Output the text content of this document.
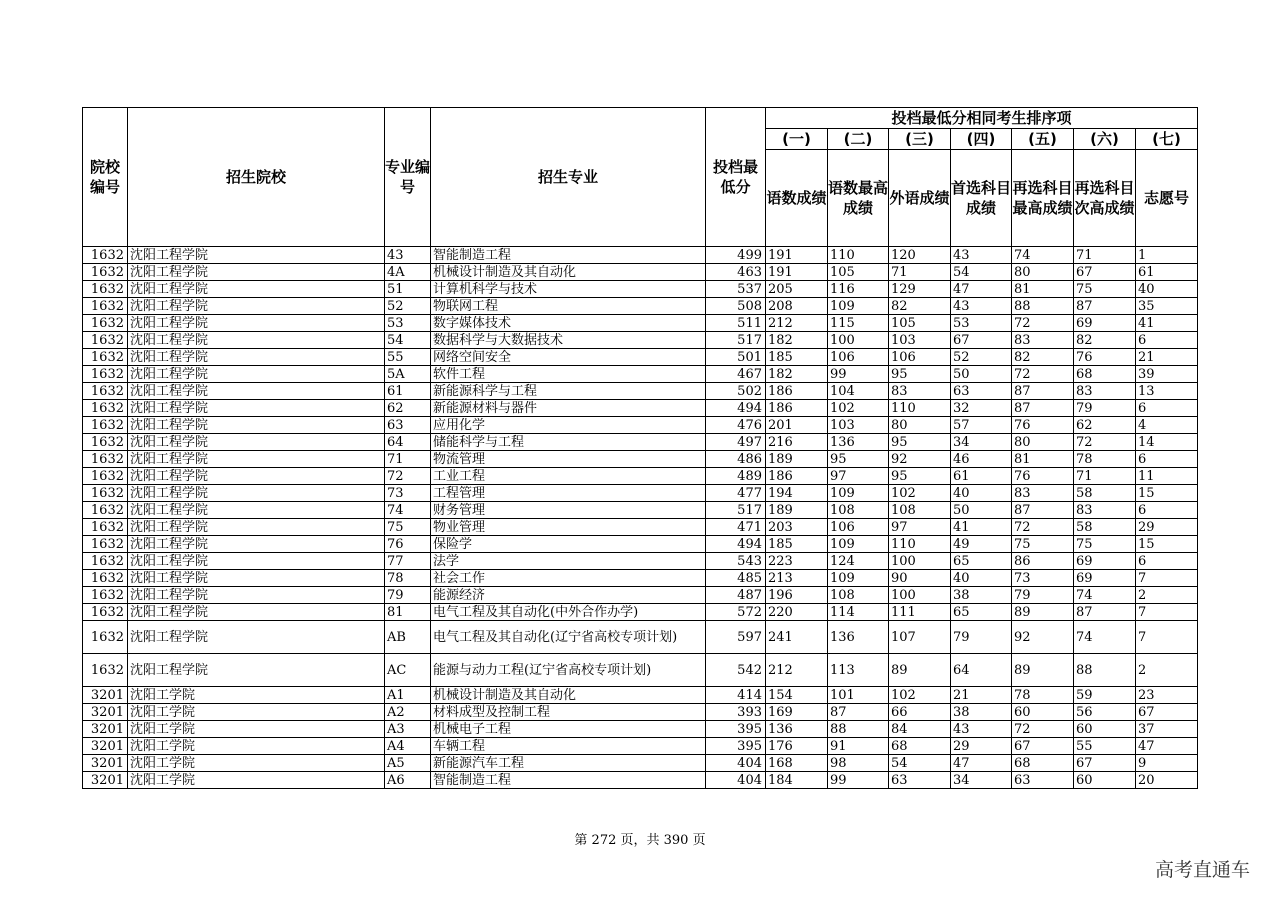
院校编号	招生院校	专业编号	招生专业	投档最低分	投档最低分相同考生排序项						
					(一)	(二)	(三)	(四)	(五)	(六)	(七)
					语数成绩	语数最高成绩	外语成绩	首选科目成绩	再选科目最高成绩	再选科目次高成绩	志愿号
1632	沈阳工程学院	43	智能制造工程	499	191	110	120	43	74	71	1
1632	沈阳工程学院	4A	机械设计制造及其自动化	463	191	105	71	54	80	67	61
1632	沈阳工程学院	51	计算机科学与技术	537	205	116	129	47	81	75	40
1632	沈阳工程学院	52	物联网工程	508	208	109	82	43	88	87	35
1632	沈阳工程学院	53	数字媒体技术	511	212	115	105	53	72	69	41
1632	沈阳工程学院	54	数据科学与大数据技术	517	182	100	103	67	83	82	6
1632	沈阳工程学院	55	网络空间安全	501	185	106	106	52	82	76	21
1632	沈阳工程学院	5A	软件工程	467	182	99	95	50	72	68	39
1632	沈阳工程学院	61	新能源科学与工程	502	186	104	83	63	87	83	13
1632	沈阳工程学院	62	新能源材料与器件	494	186	102	110	32	87	79	6
1632	沈阳工程学院	63	应用化学	476	201	103	80	57	76	62	4
1632	沈阳工程学院	64	储能科学与工程	497	216	136	95	34	80	72	14
1632	沈阳工程学院	71	物流管理	486	189	95	92	46	81	78	6
1632	沈阳工程学院	72	工业工程	489	186	97	95	61	76	71	11
1632	沈阳工程学院	73	工程管理	477	194	109	102	40	83	58	15
1632	沈阳工程学院	74	财务管理	517	189	108	108	50	87	83	6
1632	沈阳工程学院	75	物业管理	471	203	106	97	41	72	58	29
1632	沈阳工程学院	76	保险学	494	185	109	110	49	75	75	15
1632	沈阳工程学院	77	法学	543	223	124	100	65	86	69	6
1632	沈阳工程学院	78	社会工作	485	213	109	90	40	73	69	7
1632	沈阳工程学院	79	能源经济	487	196	108	100	38	79	74	2
1632	沈阳工程学院	81	电气工程及其自动化(中外合作办学)	572	220	114	111	65	89	87	7
1632	沈阳工程学院	AB	电气工程及其自动化(辽宁省高校专项计划)	597	241	136	107	79	92	74	7
1632	沈阳工程学院	AC	能源与动力工程(辽宁省高校专项计划)	542	212	113	89	64	89	88	2
3201	沈阳工学院	A1	机械设计制造及其自动化	414	154	101	102	21	78	59	23
3201	沈阳工学院	A2	材料成型及控制工程	393	169	87	66	38	60	56	67
3201	沈阳工学院	A3	机械电子工程	395	136	88	84	43	72	60	37
3201	沈阳工学院	A4	车辆工程	395	176	91	68	29	67	55	47
3201	沈阳工学院	A5	新能源汽车工程	404	168	98	54	47	68	67	9
3201	沈阳工学院	A6	智能制造工程	404	184	99	63	34	63	60	20
第 272 页，共 390 页
高考直通车
